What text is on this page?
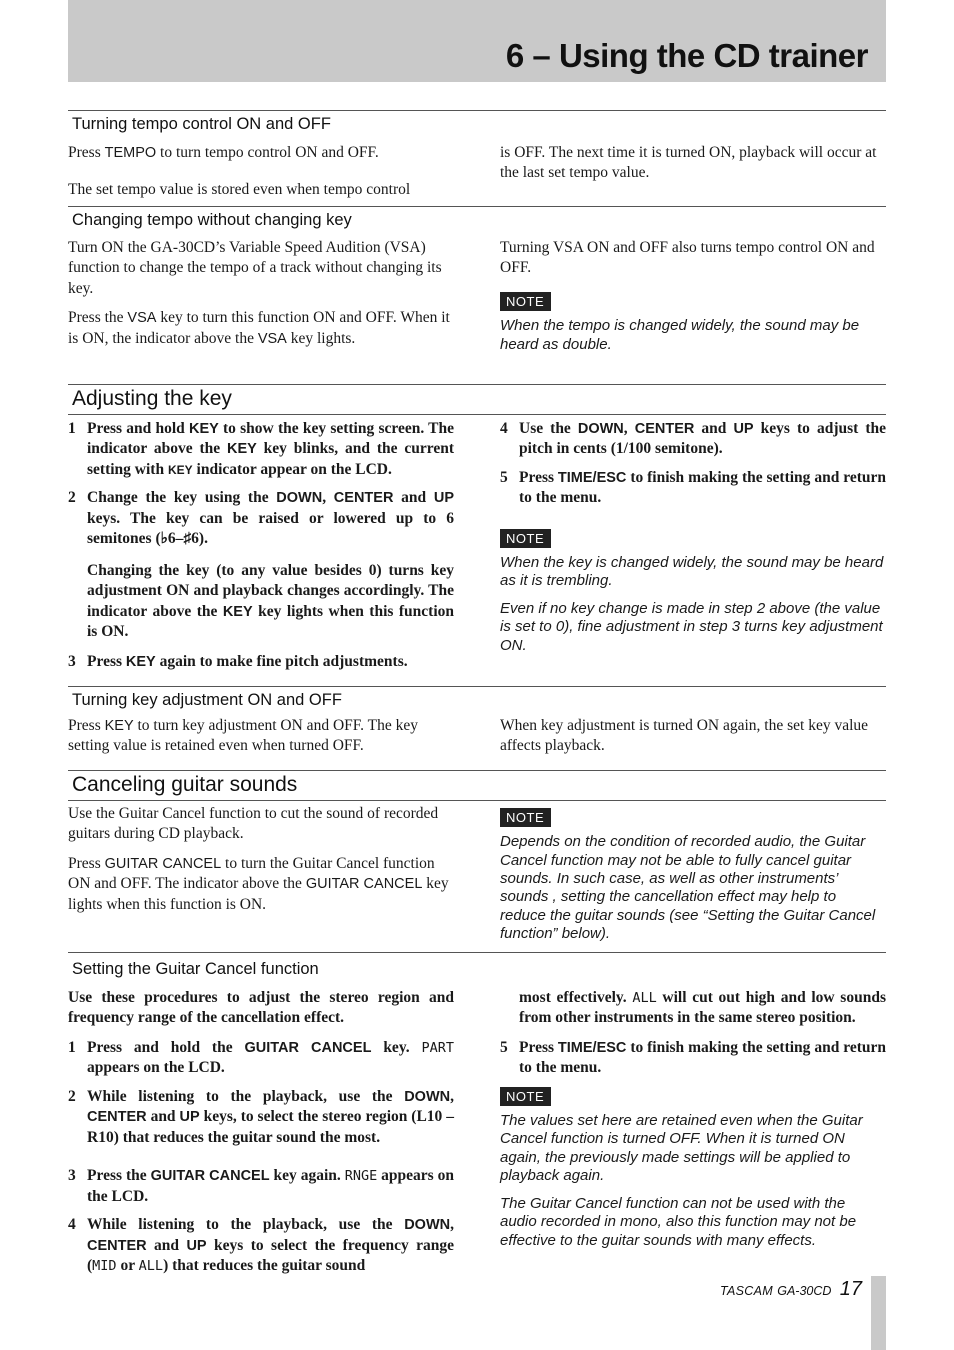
6 – Using the CD trainer
Turning tempo control ON and OFF

Press TEMPO to turn tempo control ON and OFF.

The set tempo value is stored even when tempo control

is OFF. The next time it is turned ON, playback will occur at the last set tempo value.

Changing tempo without changing key

Turn ON the GA-30CD’s Variable Speed Audition (VSA) function to change the tempo of a track without changing its key.

Press the VSA key to turn this function ON and OFF. When it is ON, the indicator above the VSA key lights.

Turning VSA ON and OFF also turns tempo control ON and OFF.

NOTE

When the tempo is changed widely, the sound may be heard as double.

Adjusting the key
1 Press and hold KEY to show the key setting screen. The indicator above the KEY key blinks, and the current setting with KEY indicator appear on the LCD.
2 Change the key using the DOWN, CENTER and UP keys. The key can be raised or lowered up to 6 semitones (♭6–♯6).

Changing the key (to any value besides 0) turns key adjustment ON and playback changes accordingly. The indicator above the KEY key lights when this function is ON.

3 Press KEY again to make fine pitch adjustments.
4 Use the DOWN, CENTER and UP keys to adjust the pitch in cents (1/100 semitone).
5 Press TIME/ESC to finish making the setting and return to the menu.
NOTE

When the key is changed widely, the sound may be heard as it is trembling.

Even if no key change is made in step 2 above (the value is set to 0), fine adjustment in step 3 turns key adjustment ON.

Turning key adjustment ON and OFF

Press KEY to turn key adjustment ON and OFF. The key setting value is retained even when turned OFF.

When key adjustment is turned ON again, the set key value affects playback.

Canceling guitar sounds

Use the Guitar Cancel function to cut the sound of recorded guitars during CD playback.

Press GUITAR CANCEL to turn the Guitar Cancel function ON and OFF. The indicator above the GUITAR CANCEL key lights when this function is ON.

NOTE

Depends on the condition of recorded audio, the Guitar Cancel function may not be able to fully cancel guitar sounds. In such case, as well as other instruments’ sounds , setting the cancellation effect may help to reduce the guitar sounds (see “Setting the Guitar Cancel function” below).

Setting the Guitar Cancel function

Use these procedures to adjust the stereo region and frequency range of the cancellation effect.

1 Press and hold the GUITAR CANCEL key. PART appears on the LCD.
2 While listening to the playback, use the DOWN, CENTER and UP keys, to select the stereo region (L10 – R10) that reduces the guitar sound the most.
3 Press the GUITAR CANCEL key again. RNGE appears on the LCD.
4 While listening to the playback, use the DOWN, CENTER and UP keys to select the frequency range (MID or ALL) that reduces the guitar sound

most effectively. ALL will cut out high and low sounds from other instruments in the same stereo position.

5 Press TIME/ESC to finish making the setting and return to the menu.
NOTE

The values set here are retained even when the Guitar Cancel function is turned OFF. When it is turned ON again, the previously made settings will be applied to playback again.

The Guitar Cancel function can not be used with the audio recorded in mono, also this function may not be effective to the guitar sounds with many effects.

TASCAM GA-30CD 17
